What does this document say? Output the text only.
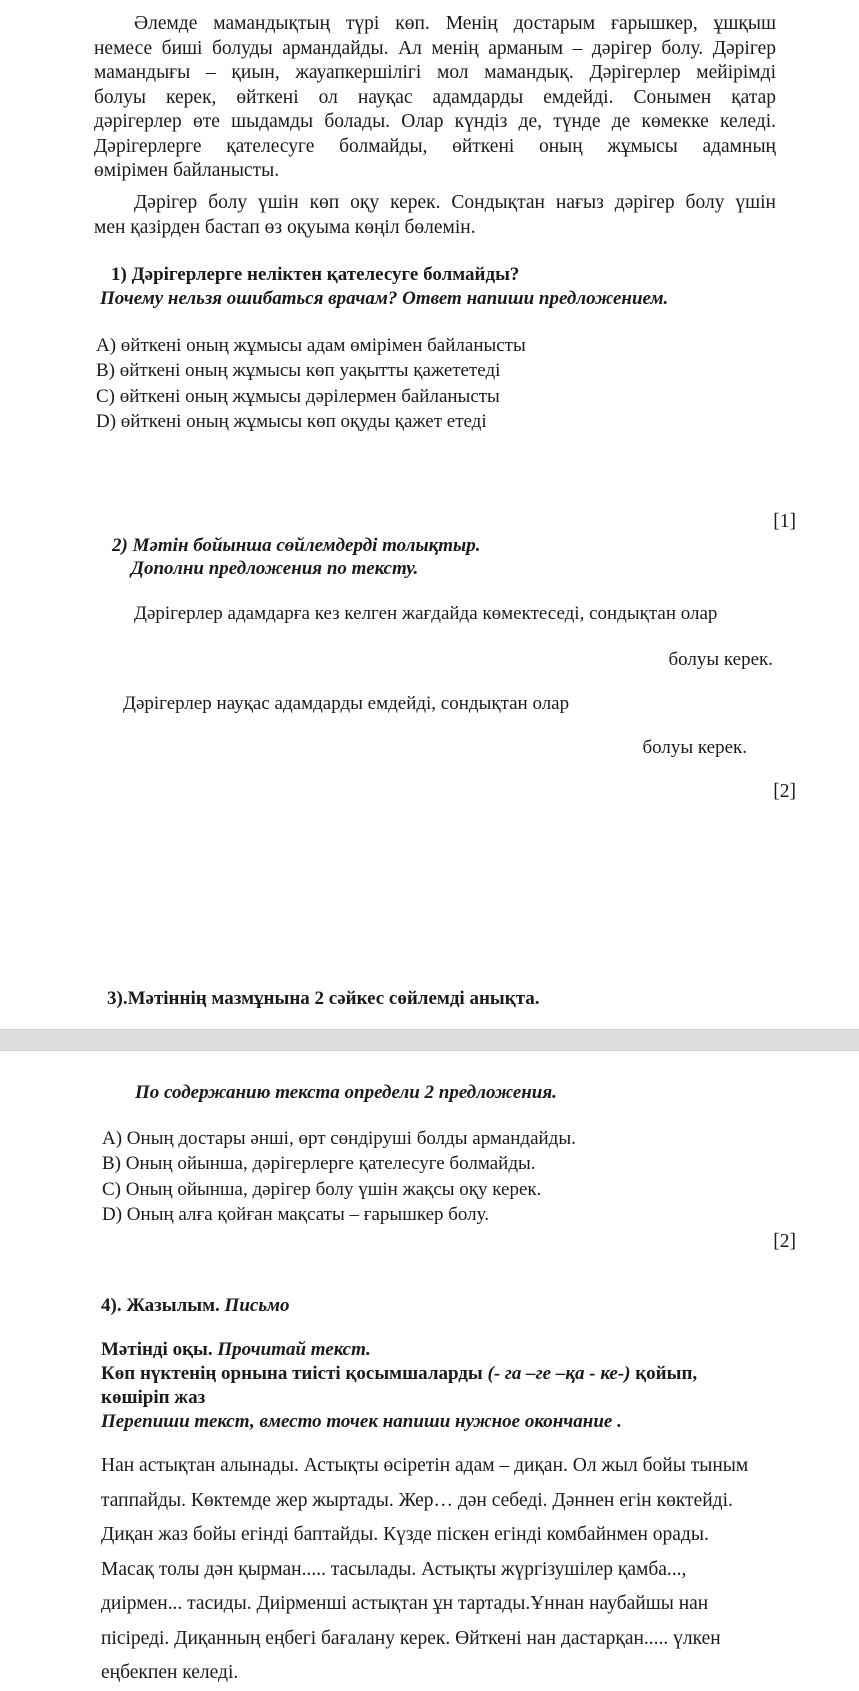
Әлемде мамандықтың түрі көп. Менің достарым ғарышкер, ұшқыш
немесе биші болуды армандайды. Ал менің арманым – дәрігер болу. Дәрігер
мамандығы – қиын, жауапкершілігі мол мамандық. Дәрігерлер мейірімді
болуы керек, өйткені ол науқас адамдарды емдейді. Сонымен қатар
дәрігерлер өте шыдамды болады. Олар күндіз де, түнде де көмекке келеді.
Дәрігерлерге қателесуге болмайды, өйткені оның жұмысы адамның
өмірімен байланысты.
Дәрігер болу үшін көп оқу керек. Сондықтан нағыз дәрігер болу үшін
мен қазірден бастап өз оқуыма көңіл бөлемін.
1) Дәрігерлерге неліктен қателесуге болмайды?
Почему нельзя ошибаться врачам? Ответ напиши предложением.
А) өйткені оның жұмысы адам өмірімен байланысты
В) өйткені оның жұмысы көп уақытты қажететеді
С) өйткені оның жұмысы дәрілермен байланысты
D) өйткені оның жұмысы көп оқуды қажет етеді
[1]
2) Мәтін бойынша сөйлемдерді толықтыр.
Дополни предложения по тексту.
Дәрігерлер адамдарға кез келген жағдайда көмектеседі, сондықтан олар
болуы керек.
Дәрігерлер науқас адамдарды емдейді, сондықтан олар
болуы керек.
[2]
3).Мәтіннің мазмұнына 2 сәйкес сөйлемді анықта.
По содержанию текста определи 2 предложения.
А) Оның достары әнші, өрт сөндіруші болды армандайды.
В) Оның ойынша, дәрігерлерге қателесуге болмайды.
С) Оның ойынша, дәрігер болу үшін жақсы оқу керек.
D) Оның алға қойған мақсаты – ғарышкер болу.
[2]
4). Жазылым. Письмо
Мәтінді оқы. Прочитай текст.
Көп нүктенің орнына тиісті қосымшаларды (- га –ге –қа - ке-) қойып,
көшіріп жаз
Перепиши текст, вместо точек напиши нужное окончание .
Нан астықтан алынады. Астықты өсіретін адам – диқан. Ол жыл бойы тыным
таппайды. Көктемде жер жыртады. Жер… дән себеді. Дәннен егін көктейді.
Диқан жаз бойы егінді баптайды. Күзде піскен егінді комбайнмен орады.
Масақ толы дән қырман..... тасылады. Астықты жүргізушілер қамба...,
диірмен... тасиды. Диірменші астықтан ұн тартады.Ұннан наубайшы нан
пісіреді. Диқанның еңбегі бағалану керек. Өйткені нан дастарқан..... үлкен
еңбекпен келеді.
